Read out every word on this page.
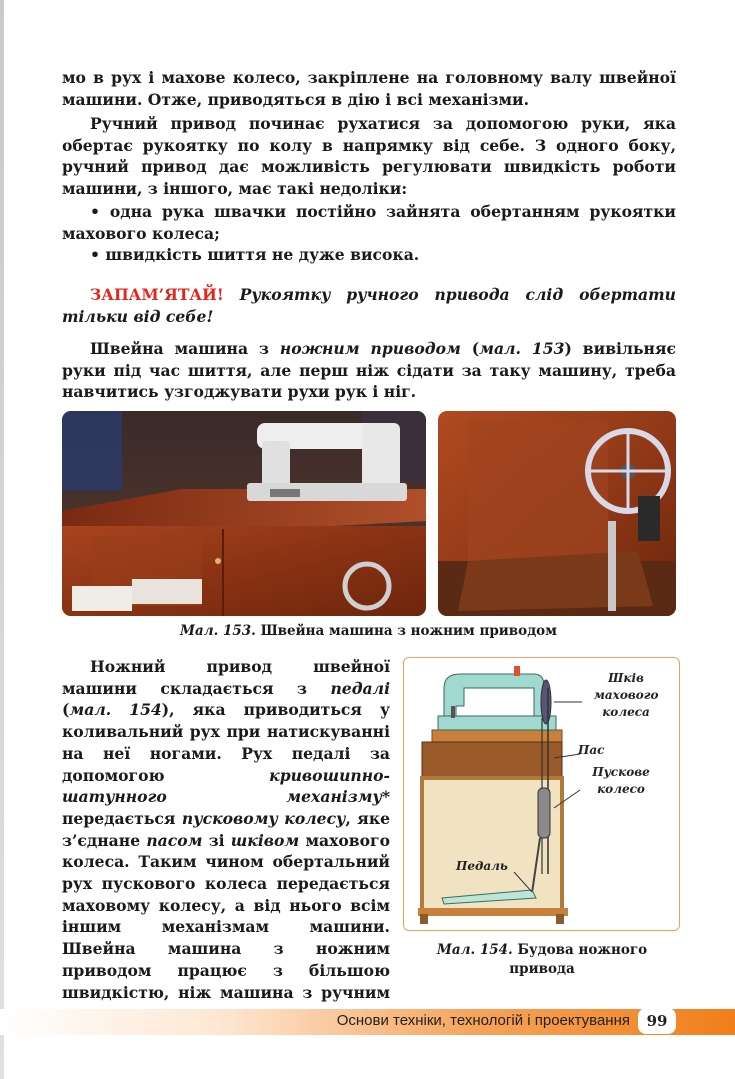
мо в рух і махове колесо, закріплене на головному валу швейної
машини. Отже, приводяться в дію і всі механізми.
Ручний привод починає рухатися за допомогою руки, яка обертає рукоятку по колу в напрямку від себе. З одного боку, ручний привод дає можливість регулювати швидкість роботи машини, з іншого, має такі недоліки:
• одна рука швачки постійно зайнята обертанням рукоятки махового колеса;
• швидкість шиття не дуже висока.
ЗАПАМ’ЯТАЙ! Рукоятку ручного привода слід обертати тільки від себе!
Швейна машина з ножним приводом (мал. 153) вивільняє руки під час шиття, але перш ніж сідати за таку машину, треба навчитись узгоджувати рухи рук і ніг.
Мал. 153. Швейна машина з ножним приводом
Ножний привод швейної машини складається з педалі (мал. 154), яка приводиться у коливальний рух при натискуванні на неї ногами. Рух педалі за допомогою	кривошипно-шатунного механізму* передається пусковому колесу, яке з’єднане пасом зі шківом махового колеса. Таким чином обертальний рух пускового колеса передається маховому колесу, а від нього всім іншим механізмам машини. Швейна машина з ножним приводом працює з більшою швидкістю, ніж машина з ручним
Шків
махового
колеса
Пас
Пускове
колесо
Педаль
Мал. 154. Будова ножного
привода
Основи техніки, технологій і проектування	99
